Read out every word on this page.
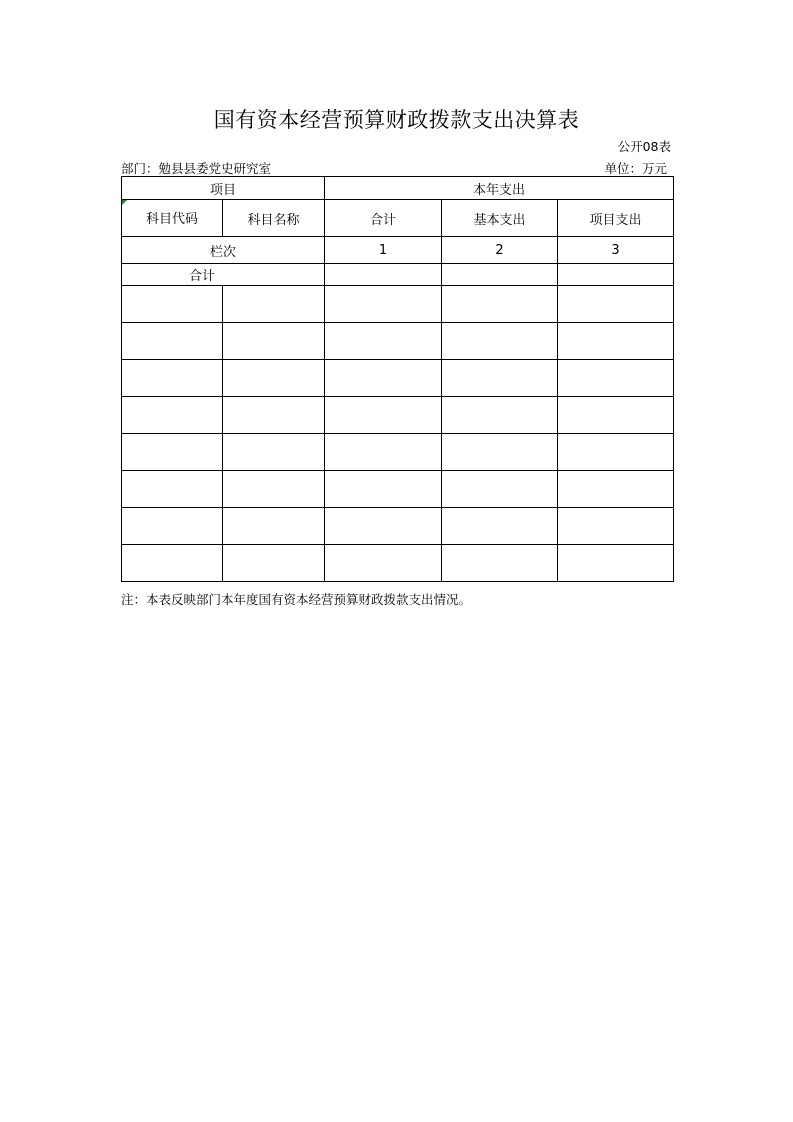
国有资本经营预算财政拨款支出决算表
公开08表
部门：勉县县委党史研究室	单位：万元
项目		本年支出		

科目代码	科目名称	合计	基本支出	项目支出
栏次		1	2	3
合计				

注：本表反映部门本年度国有资本经营预算财政拨款支出情况。
